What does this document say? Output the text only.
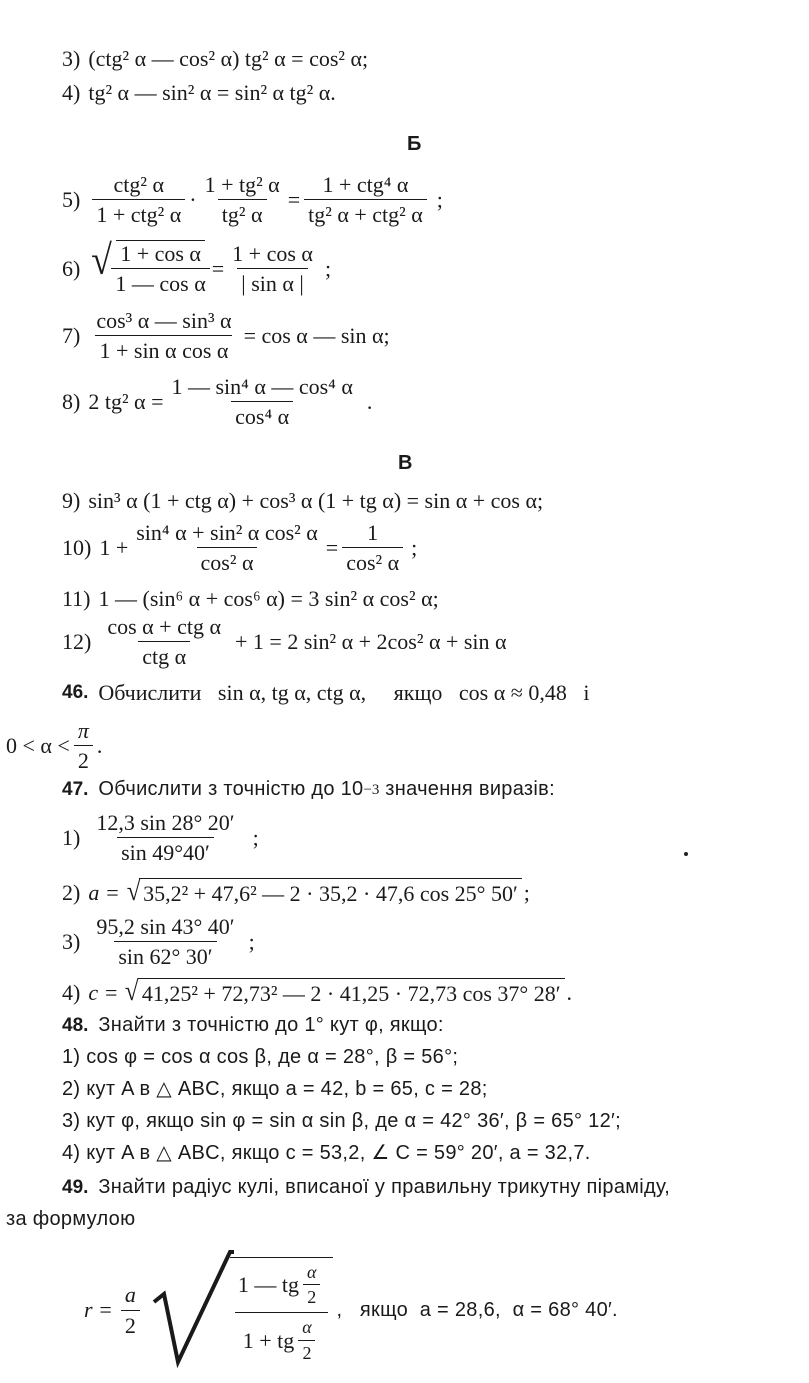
3) (ctg² α — cos² α) tg² α = cos² α;
4) tg² α — sin² α = sin² α tg² α.
Б
$5) \frac{\text{ctg² α}}{\text{1 + ctg² α}} \cdot \frac{\text{1 + tg² α}}{\text{tg² α}} = \frac{\text{1 + ctg⁴ α}}{\text{tg² α + ctg² α}}$ ;
6) √ $\frac{\text{1 + cos α}}{\text{1 — cos α}} = \frac{\text{1 + cos α}}{\text{| sin α |}}$ ;
$7) \frac{\text{cos³ α — sin³ α}}{\text{1 + sin α cos α}} = \cos \alpha$ — sin α;
8) 2 tg² $\alpha = \frac{\text{1 — sin⁴ α — cos⁴ α}}{\text{cos⁴ α}}$ .
В
9) sin³ α (1 + ctg α) + cos³ α (1 + tg α) = sin α + cos α;
10) $1 + \frac{\text{sin⁴ α + sin² α cos² α}}{\text{cos² α}} = \frac{1}{\text{cos² α}}$ ;
11) 1 — (sin⁶ α + cos⁶ α) = 3 sin² α cos² α;
$12) \frac{\text{cos α + ctg α}}{\text{ctg α}} + 1 = 2$ sin² α + 2cos² α + sin α
46. Обчислити   sin α, tg α, ctg α,     якщо   cos α ≈ 0,48   і
$0 < \alpha < \frac{\pi}{2}$ .
47. Обчислити з точністю до 10 −3 значення виразів:
$1) \frac{12,3 \sin 28^\circ 20'}{\sin 49^\circ 40'}$ ;
2) a = √ 35,2² + 47,6² — 2 · 35,2 · 47,6 cos 25° 50′ ;
$3) \frac{95,2 \sin 43^\circ 40'}{\sin 62^\circ 30'}$ ;
4) c = √ 41,25² + 72,73² — 2 · 41,25 · 72,73 cos 37° 28′ .
48. Знайти з точністю до 1° кут φ, якщо:
1) cos φ = cos α cos β, де α = 28°, β = 56°;
2) кут A в △ ABC, якщо a = 42, b = 65, c = 28;
3) кут φ, якщо sin φ = sin α sin β, де α = 42° 36′, β = 65° 12′;
4) кут A в △ ABC, якщо c = 53,2, ∠ C = 59° 20′, a = 32,7.
49. Знайти радіус кулі, вписаної у правильну трикутну піраміду,
за формулою
$r = \frac{a}{2}$	$\frac{1 — tg \frac{\alpha}{2}}{1 + tg \frac{\alpha}{2}}$ ,   якщо  a = 28,6,  α = 68° 40′.
